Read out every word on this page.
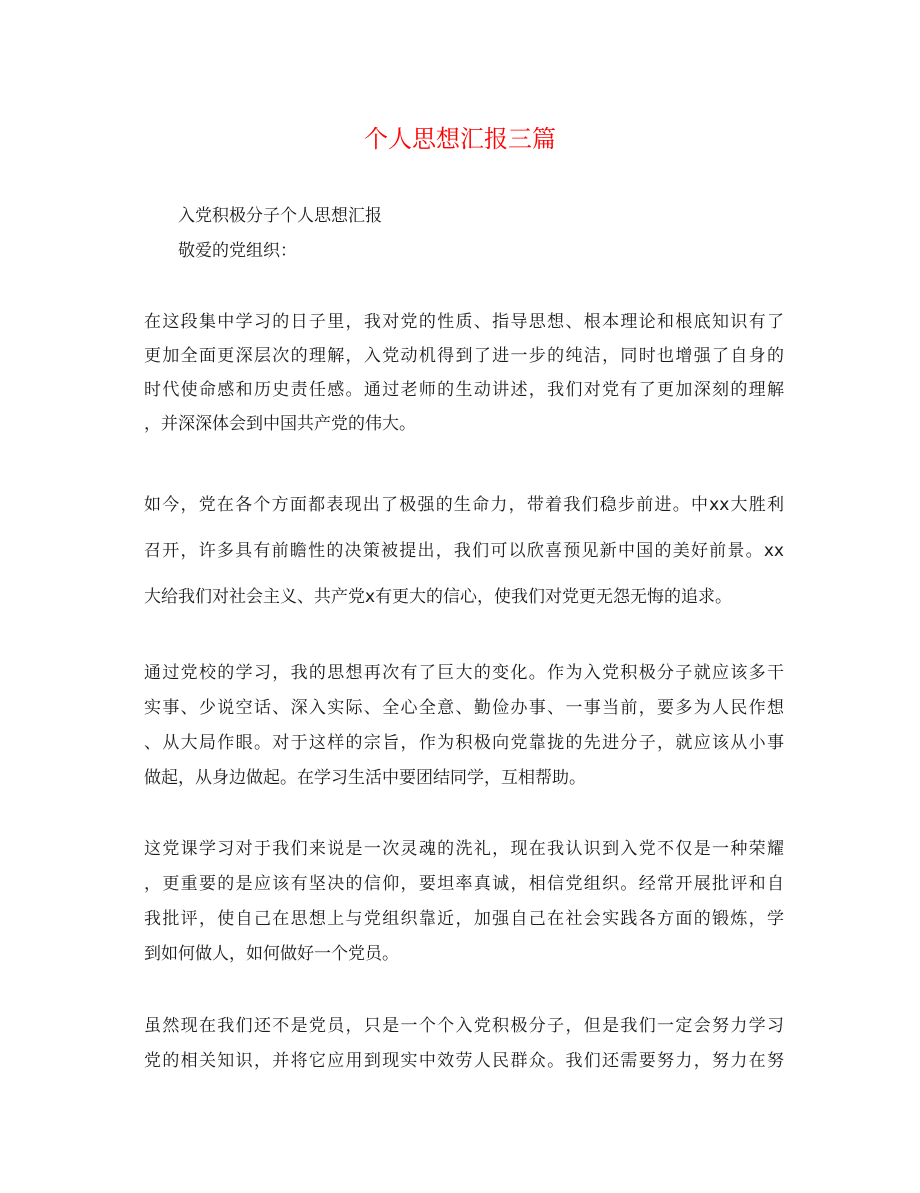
个人思想汇报三篇

入党积极分子个人思想汇报

敬爱的党组织：

在这段集中学习的日子里，我对党的性质、指导思想、根本理论和根底知识有了
更加全面更深层次的理解，入党动机得到了进一步的纯洁，同时也增强了自身的
时代使命感和历史责任感。通过老师的生动讲述，我们对党有了更加深刻的理解
，并深深体会到中国共产党的伟大。
如今，党在各个方面都表现出了极强的生命力，带着我们稳步前进。中xx大胜利
召开，许多具有前瞻性的决策被提出，我们可以欣喜预见新中国的美好前景。xx
大给我们对社会主义、共产党x有更大的信心，使我们对党更无怨无悔的追求。
通过党校的学习，我的思想再次有了巨大的变化。作为入党积极分子就应该多干
实事、少说空话、深入实际、全心全意、勤俭办事、一事当前，要多为人民作想
、从大局作眼。对于这样的宗旨，作为积极向党靠拢的先进分子，就应该从小事
做起，从身边做起。在学习生活中要团结同学，互相帮助。
这党课学习对于我们来说是一次灵魂的洗礼，现在我认识到入党不仅是一种荣耀
，更重要的是应该有坚决的信仰，要坦率真诚，相信党组织。经常开展批评和自
我批评，使自己在思想上与党组织靠近，加强自己在社会实践各方面的锻炼，学
到如何做人，如何做好一个党员。
虽然现在我们还不是党员，只是一个个入党积极分子，但是我们一定会努力学习
党的相关知识，并将它应用到现实中效劳人民群众。我们还需要努力，努力在努
